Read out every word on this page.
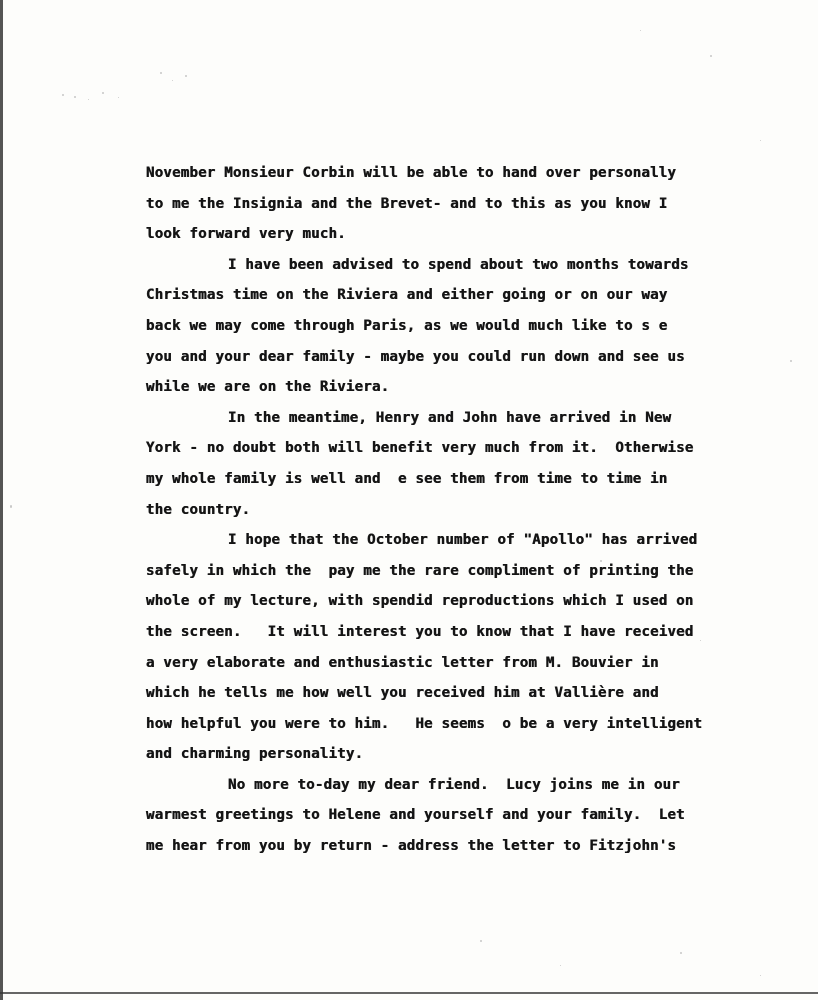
November Monsieur Corbin will be able to hand over personally
to me the Insignia and the Brevet- and to this as you know I
look forward very much.
I have been advised to spend about two months towards
Christmas time on the Riviera and either going or on our way
back we may come through Paris, as we would much like to s e
you and your dear family - maybe you could run down and see us
while we are on the Riviera.
In the meantime, Henry and John have arrived in New
York - no doubt both will benefit very much from it.  Otherwise
my whole family is well and  e see them from time to time in
the country.
I hope that the October number of "Apollo" has arrived
safely in which the  pay me the rare compliment of printing the
whole of my lecture, with spendid reproductions which I used on
the screen.   It will interest you to know that I have received
a very elaborate and enthusiastic letter from M. Bouvier in
which he tells me how well you received him at Vallière and
how helpful you were to him.   He seems  o be a very intelligent
and charming personality.
No more to-day my dear friend.  Lucy joins me in our
warmest greetings to Helene and yourself and your family.  Let
me hear from you by return - address the letter to Fitzjohn's
